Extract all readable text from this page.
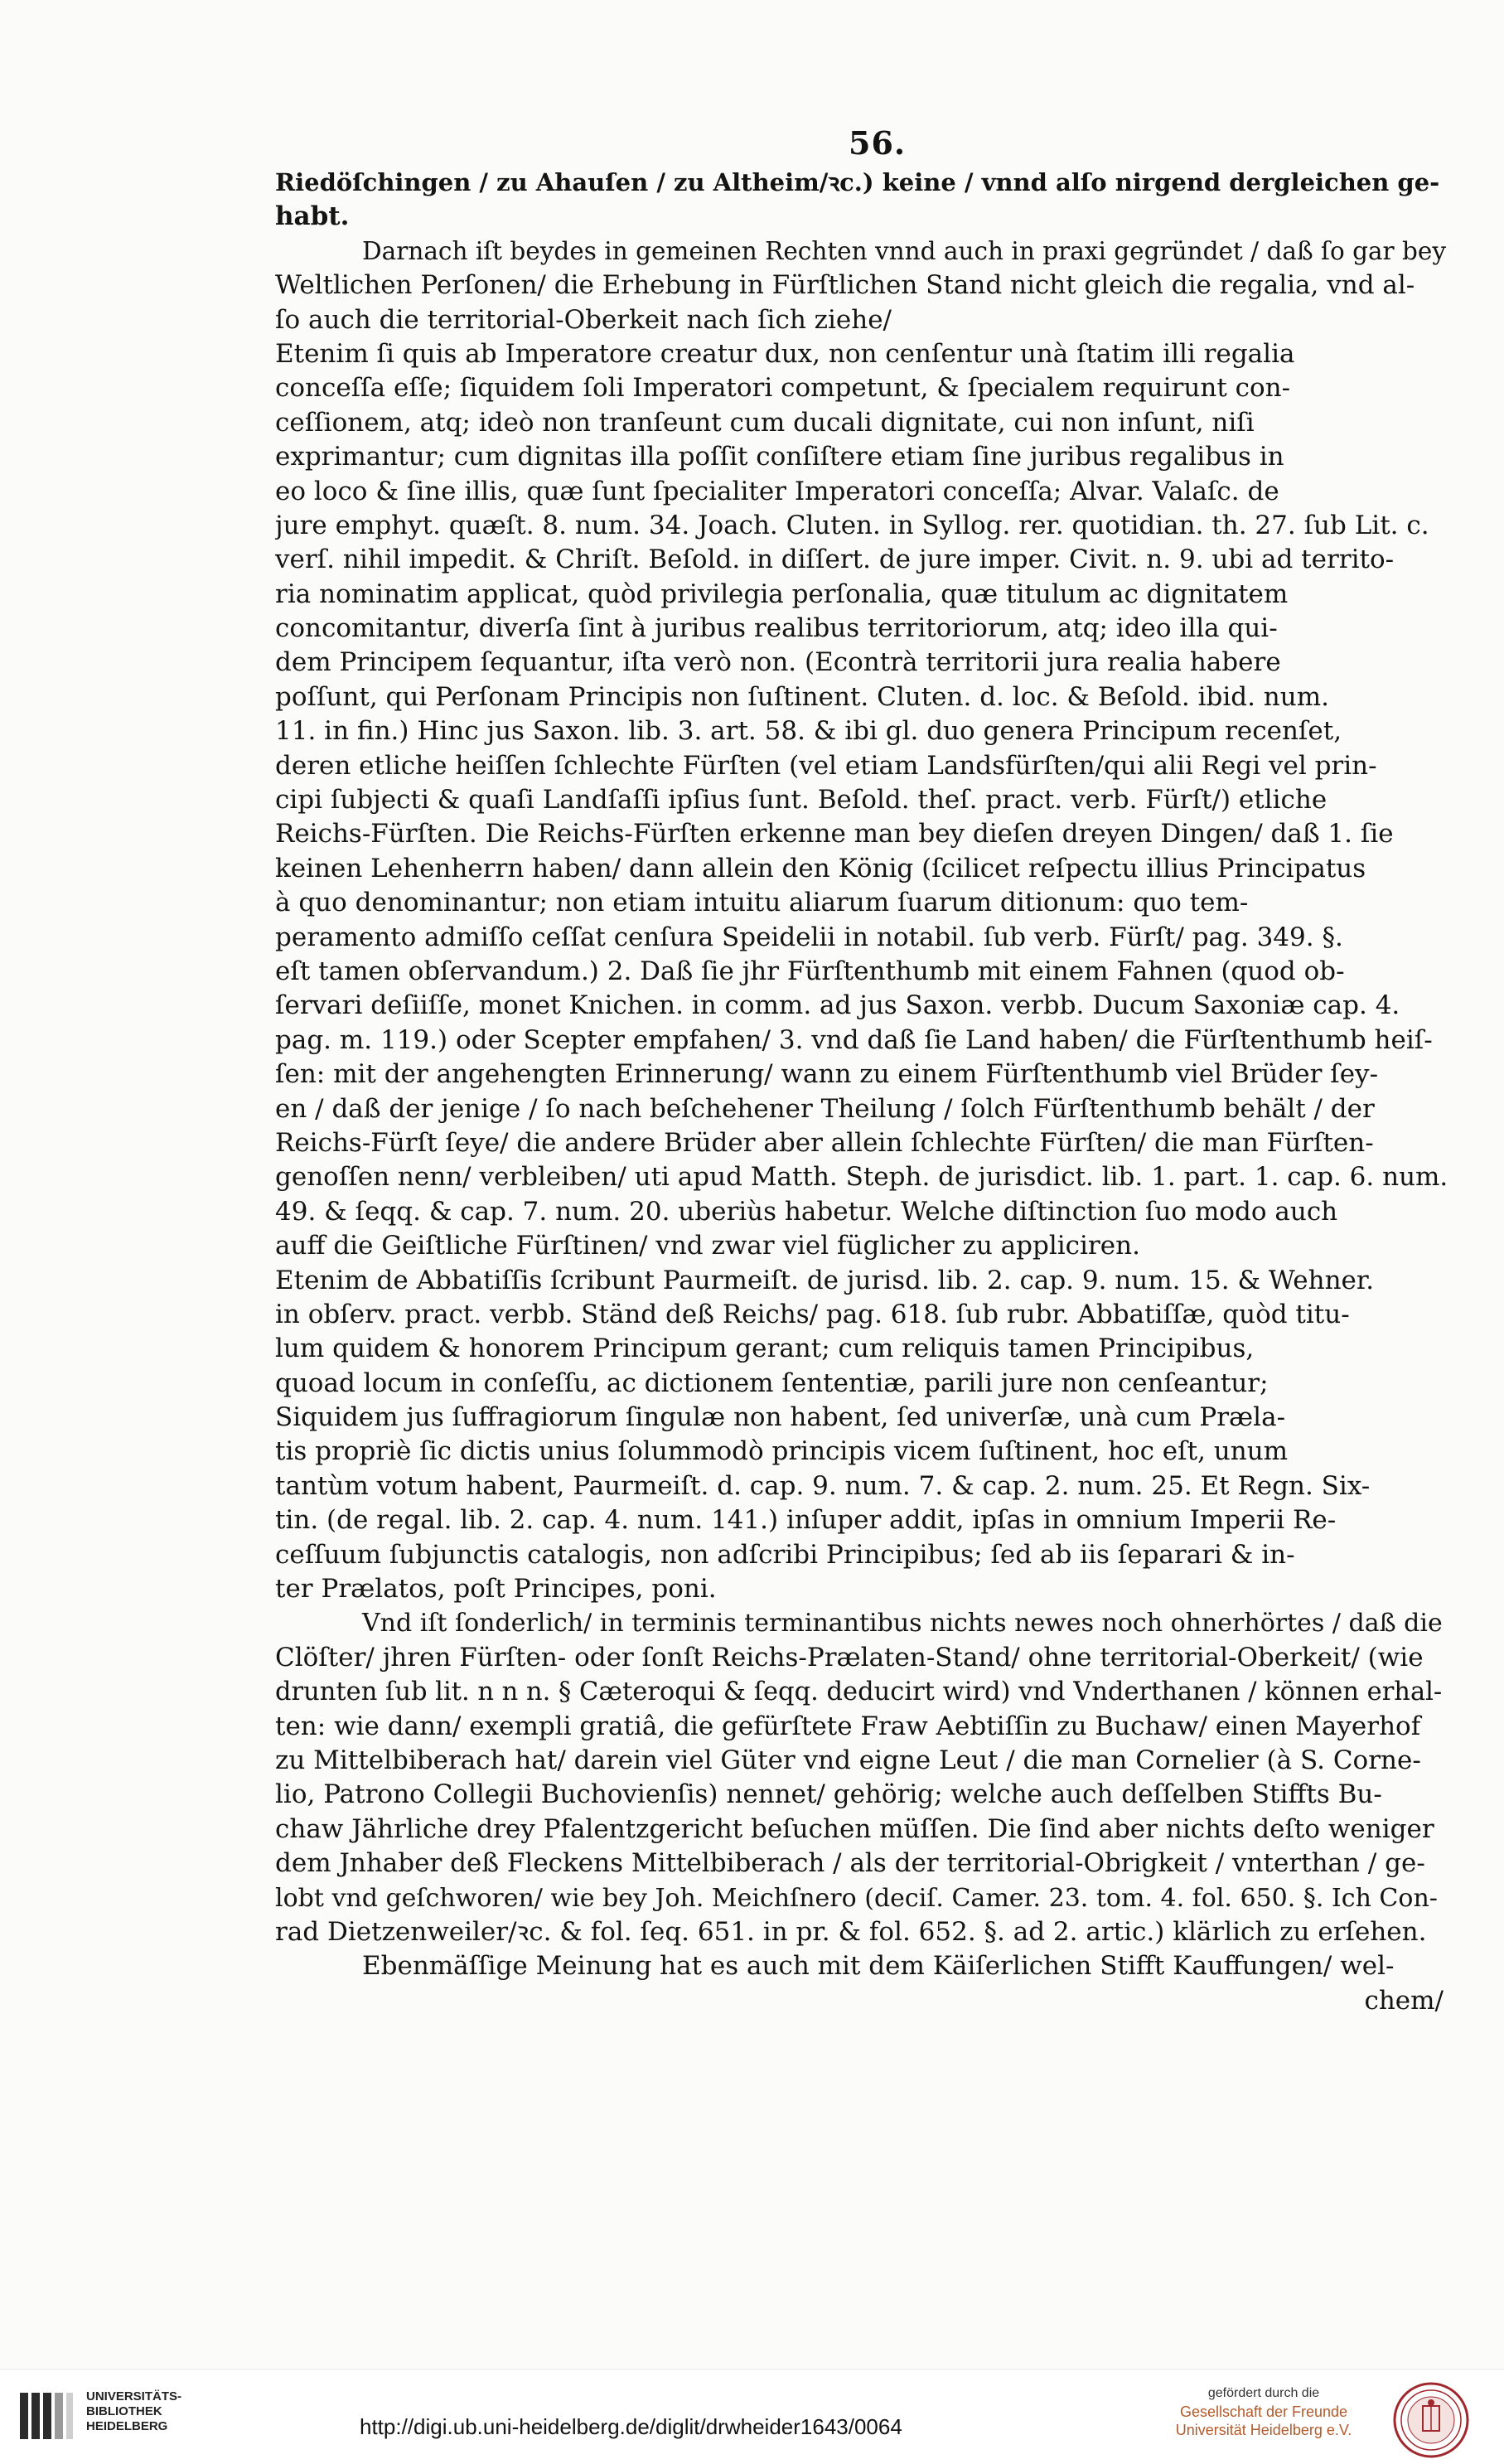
56.
Riedöſchingen / zu Ahauſen / zu Altheim/ꝛc.) keine / vnnd alſo nirgend dergleichen ge-
habt.
Darnach iſt beydes in gemeinen Rechten vnnd auch in praxi gegründet / daß ſo gar bey
Weltlichen Perſonen/ die Erhebung in Fürſtlichen Stand nicht gleich die regalia, vnd al-
ſo auch die territorial-Oberkeit nach ſich ziehe/
Etenim ſi quis ab Imperatore creatur dux, non cenſentur unà ſtatim illi regalia
conceſſa eſſe; ſiquidem ſoli Imperatori competunt, & ſpecialem requirunt con-
ceſſionem, atq; ideò non tranſeunt cum ducali dignitate, cui non inſunt, niſi
exprimantur; cum dignitas illa poſſit conſiſtere etiam ſine juribus regalibus in
eo loco & ſine illis, quæ ſunt ſpecialiter Imperatori conceſſa; Alvar. Valaſc. de
jure emphyt. quæſt. 8. num. 34. Joach. Cluten. in Syllog. rer. quotidian. th. 27. ſub Lit. c.
verſ. nihil impedit. & Chriſt. Beſold. in diſſert. de jure imper. Civit. n. 9. ubi ad territo-
ria nominatim applicat, quòd privilegia perſonalia, quæ titulum ac dignitatem
concomitantur, diverſa ſint à juribus realibus territoriorum, atq; ideo illa qui-
dem Principem ſequantur, iſta verò non. (Econtrà territorii jura realia habere
poſſunt, qui Perſonam Principis non ſuſtinent. Cluten. d. loc. & Beſold. ibid. num.
11. in fin.) Hinc jus Saxon. lib. 3. art. 58. & ibi gl. duo genera Principum recenſet,
deren etliche heiſſen ſchlechte Fürſten (vel etiam Landsfürſten/qui alii Regi vel prin-
cipi ſubjecti & quaſi Landſaſſi ipſius ſunt. Beſold. theſ. pract. verb. Fürſt/) etliche
Reichs-Fürſten. Die Reichs-Fürſten erkenne man bey dieſen dreyen Dingen/ daß 1. ſie
keinen Lehenherrn haben/ dann allein den König (ſcilicet reſpectu illius Principatus
à quo denominantur; non etiam intuitu aliarum ſuarum ditionum: quo tem-
peramento admiſſo ceſſat cenſura Speidelii in notabil. ſub verb. Fürſt/ pag. 349. §.
eſt tamen obſervandum.) 2. Daß ſie jhr Fürſtenthumb mit einem Fahnen (quod ob-
ſervari deſiiſſe, monet Knichen. in comm. ad jus Saxon. verbb. Ducum Saxoniæ cap. 4.
pag. m. 119.) oder Scepter empfahen/ 3. vnd daß ſie Land haben/ die Fürſtenthumb heiſ-
ſen: mit der angehengten Erinnerung/ wann zu einem Fürſtenthumb viel Brüder ſey-
en / daß der jenige / ſo nach beſchehener Theilung / ſolch Fürſtenthumb behält / der
Reichs-Fürſt ſeye/ die andere Brüder aber allein ſchlechte Fürſten/ die man Fürſten-
genoſſen nenn/ verbleiben/ uti apud Matth. Steph. de jurisdict. lib. 1. part. 1. cap. 6. num.
49. & ſeqq. & cap. 7. num. 20. uberiùs habetur. Welche diſtinction ſuo modo auch
auff die Geiſtliche Fürſtinen/ vnd zwar viel füglicher zu appliciren.
Etenim de Abbatiſſis ſcribunt Paurmeiſt. de jurisd. lib. 2. cap. 9. num. 15. & Wehner.
in obſerv. pract. verbb. Ständ deß Reichs/ pag. 618. ſub rubr. Abbatiſſæ, quòd titu-
lum quidem & honorem Principum gerant; cum reliquis tamen Principibus,
quoad locum in conſeſſu, ac dictionem ſententiæ, parili jure non cenſeantur;
Siquidem jus ſuffragiorum ſingulæ non habent, ſed univerſæ, unà cum Præla-
tis propriè ſic dictis unius ſolummodò principis vicem ſuſtinent, hoc eſt, unum
tantùm votum habent, Paurmeiſt. d. cap. 9. num. 7. & cap. 2. num. 25. Et Regn. Six-
tin. (de regal. lib. 2. cap. 4. num. 141.) inſuper addit, ipſas in omnium Imperii Re-
ceſſuum ſubjunctis catalogis, non adſcribi Principibus; ſed ab iis ſeparari & in-
ter Prælatos, poſt Principes, poni.
Vnd iſt ſonderlich/ in terminis terminantibus nichts newes noch ohnerhörtes / daß die
Clöſter/ jhren Fürſten- oder ſonſt Reichs-Prælaten-Stand/ ohne territorial-Oberkeit/ (wie
drunten ſub lit. n n n. § Cæteroqui & ſeqq. deducirt wird) vnd Vnderthanen / können erhal-
ten: wie dann/ exempli gratiâ, die gefürſtete Fraw Aebtiſſin zu Buchaw/ einen Mayerhof
zu Mittelbiberach hat/ darein viel Güter vnd eigne Leut / die man Cornelier (à S. Corne-
lio, Patrono Collegii Buchovienſis) nennet/ gehörig; welche auch deſſelben Stiffts Bu-
chaw Jährliche drey Pfalentzgericht beſuchen müſſen. Die ſind aber nichts deſto weniger
dem Jnhaber deß Fleckens Mittelbiberach / als der territorial-Obrigkeit / vnterthan / ge-
lobt vnd geſchworen/ wie bey Joh. Meichſnero (deciſ. Camer. 23. tom. 4. fol. 650. §. Ich Con-
rad Dietzenweiler/ꝛc. & fol. ſeq. 651. in pr. & fol. 652. §. ad 2. artic.) klärlich zu erſehen.
Ebenmäſſige Meinung hat es auch mit dem Käiſerlichen Stifft Kauffungen/ wel-
chem/
UNIVERSITÄTS-
BIBLIOTHEK
HEIDELBERG	http://digi.ub.uni-heidelberg.de/diglit/drwheider1643/0064
gefördert durch die
Gesellschaft der Freunde
Universität Heidelberg e.V.
